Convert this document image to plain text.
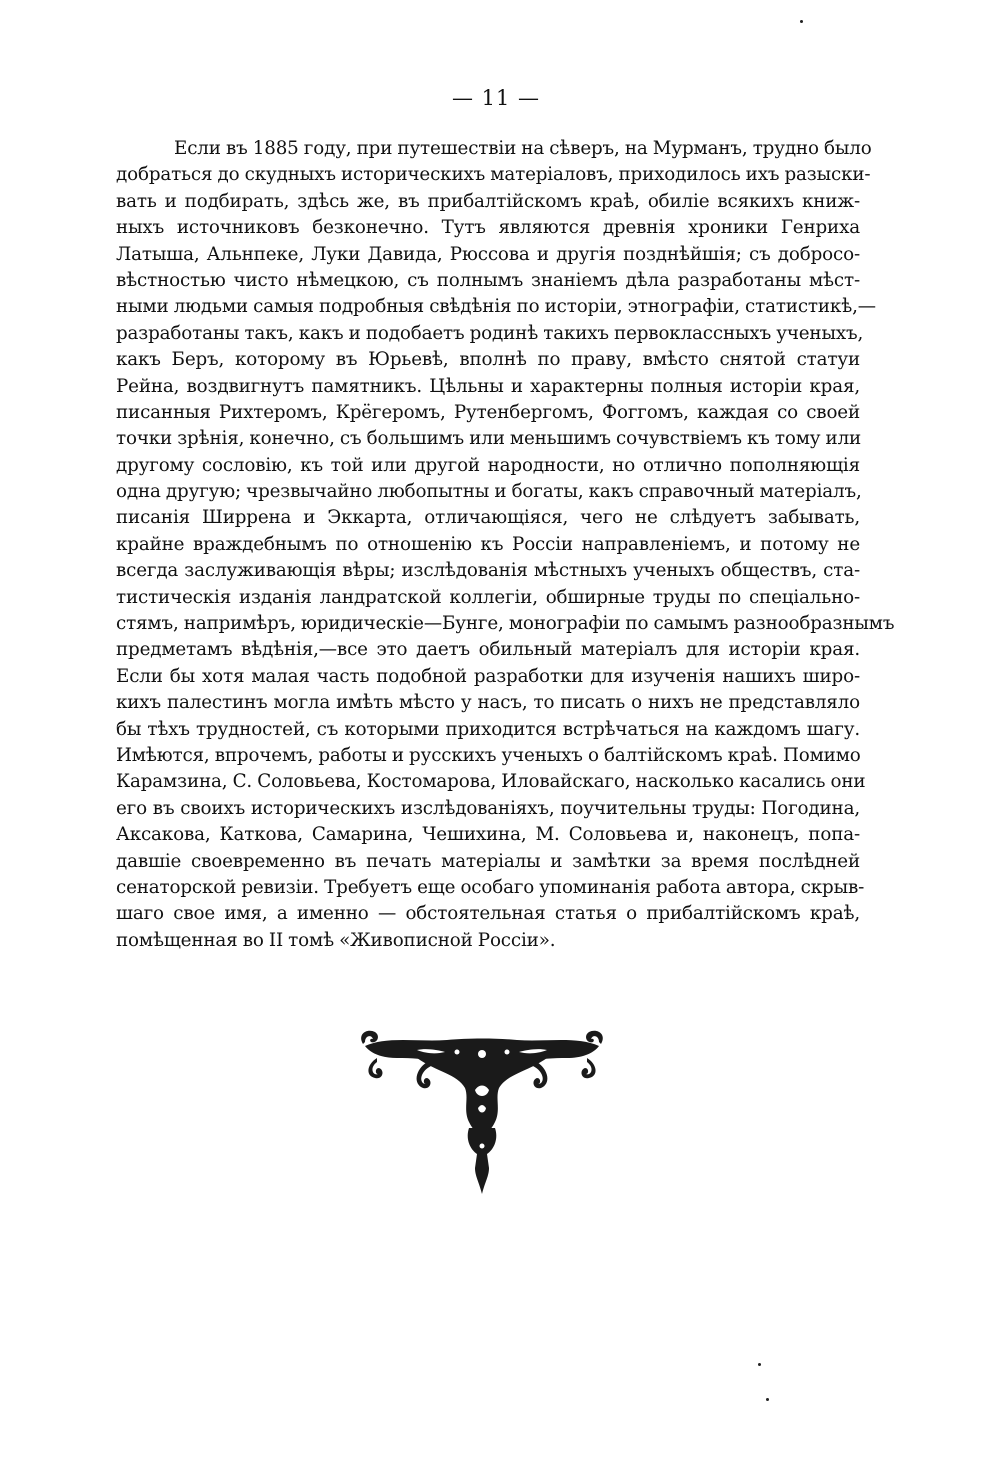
— 11 —
Если въ 1885 году, при путешествіи на сѣверъ, на Мурманъ, трудно было
добраться до скудныхъ историческихъ матеріаловъ, приходилось ихъ разыски-
вать и подбирать, здѣсь же, въ прибалтійскомъ краѣ, обиліе всякихъ книж-
ныхъ источниковъ безконечно. Тутъ являются древнія хроники Генриха
Латыша, Альнпеке, Луки Давида, Рюссова и другія позднѣйшія; съ добросо-
вѣстностью чисто нѣмецкою, съ полнымъ знаніемъ дѣла разработаны мѣст-
ными людьми самыя подробныя свѣдѣнія по исторіи, этнографіи, статистикѣ,—
разработаны такъ, какъ и подобаетъ родинѣ такихъ первоклассныхъ ученыхъ,
какъ Беръ, которому въ Юрьевѣ, вполнѣ по праву, вмѣсто снятой статуи
Рейна, воздвигнутъ памятникъ. Цѣльны и характерны полныя исторіи края,
писанныя Рихтеромъ, Крёгеромъ, Рутенбергомъ, Фоггомъ, каждая со своей
точки зрѣнія, конечно, съ большимъ или меньшимъ сочувствіемъ къ тому или
другому сословію, къ той или другой народности, но отлично пополняющія
одна другую; чрезвычайно любопытны и богаты, какъ справочный матеріалъ,
писанія Ширрена и Эккарта, отличающіяся, чего не слѣдуетъ забывать,
крайне враждебнымъ по отношенію къ Россіи направленіемъ, и потому не
всегда заслуживающія вѣры; изслѣдованія мѣстныхъ ученыхъ обществъ, ста-
тистическія изданія ландратской коллегіи, обширные труды по спеціально-
стямъ, напримѣръ, юридическіе—Бунге, монографіи по самымъ разнообразнымъ
предметамъ вѣдѣнія,—все это даетъ обильный матеріалъ для исторіи края.
Если бы хотя малая часть подобной разработки для изученія нашихъ широ-
кихъ палестинъ могла имѣть мѣсто у насъ, то писать о нихъ не представляло
бы тѣхъ трудностей, съ которыми приходится встрѣчаться на каждомъ шагу.
Имѣются, впрочемъ, работы и русскихъ ученыхъ о балтійскомъ краѣ. Помимо
Карамзина, С. Соловьева, Костомарова, Иловайскаго, насколько касались они
его въ своихъ историческихъ изслѣдованіяхъ, поучительны труды: Погодина,
Аксакова, Каткова, Самарина, Чешихина, М. Соловьева и, наконецъ, попа-
давшіе своевременно въ печать матеріалы и замѣтки за время послѣдней
сенаторской ревизіи. Требуетъ еще особаго упоминанія работа автора, скрыв-
шаго свое имя, а именно — обстоятельная статья о прибалтійскомъ краѣ,
помѣщенная во II томѣ «Живописной Россіи».
